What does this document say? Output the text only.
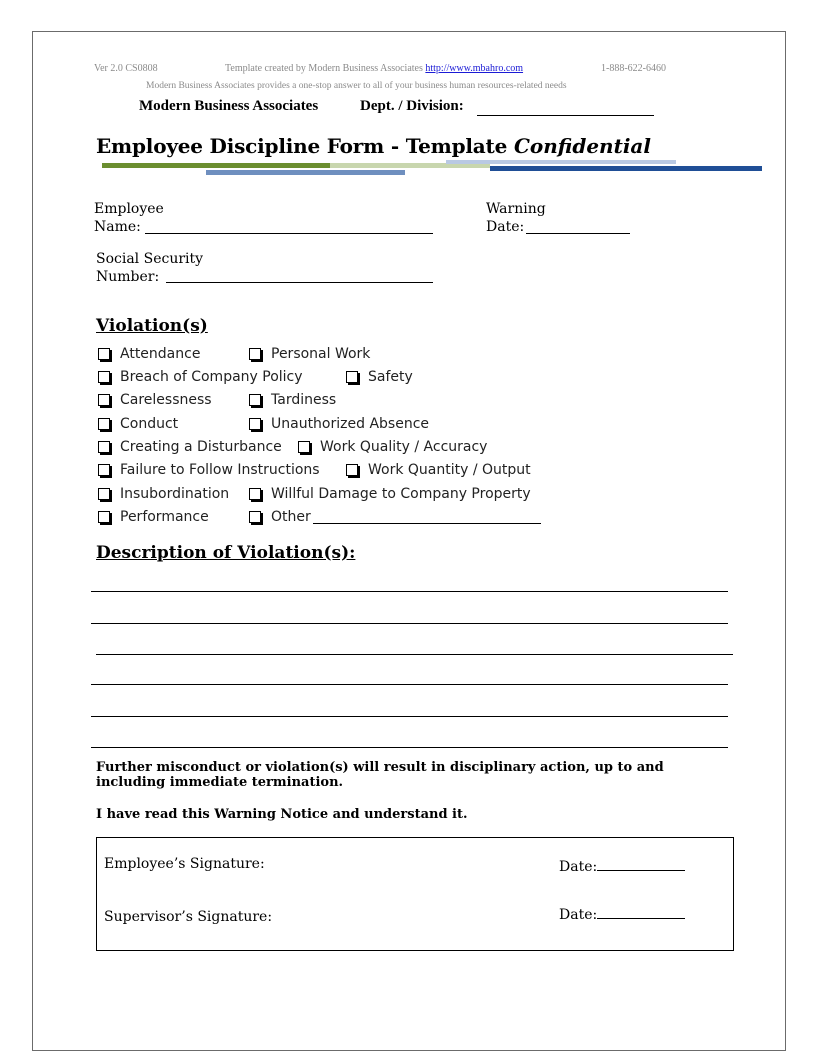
Ver 2.0 CS0808	Template created by Modern Business Associates http://www.mbahro.com	1-888-622-6460
Modern Business Associates provides a one-stop answer to all of your business human resources-related needs
Modern Business Associates	Dept. / Division:
Employee Discipline Form - Template Confidential
Employee
Name:
Warning
Date:
Social Security
Number:
Violation(s)
Attendance	Personal Work
Breach of Company Policy	Safety
Carelessness	Tardiness
Conduct	Unauthorized Absence
Creating a Disturbance	Work Quality / Accuracy
Failure to Follow Instructions	Work Quantity / Output
Insubordination	Willful Damage to Company Property
Performance	Other
Description of Violation(s):
Further misconduct or violation(s) will result in disciplinary action, up to and including immediate termination.
I have read this Warning Notice and understand it.
Employee’s Signature:	Date:
Supervisor’s Signature:	Date:
